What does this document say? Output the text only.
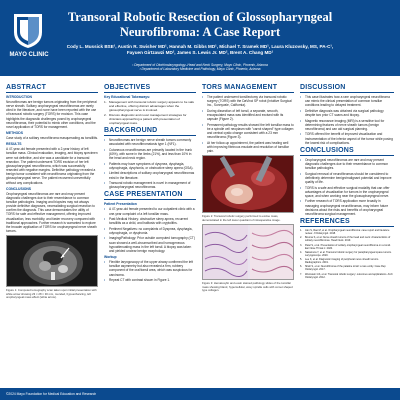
MAYO CLINIC
Transoral Robotic Resection of Glossopharyngeal Neurofibroma: A Case Report
Cody L. Mussick BSE¹, Austin R. Swisher MD¹, Hannah M. Gibbs MD¹, Michael T. Sramek MD¹, Laura Kluzovsky, MS, PA-C¹, Fayuen Girtzawzi MD², James S. Lewis Jr. MD², Brent A. Chang MD¹
¹ Department of Otorhinolaryngology–Head and Neck Surgery, Mayo Clinic, Phoenix, Arizona
² Department of Laboratory Medicine and Pathology, Mayo Clinic, Phoenix, Arizona
ABSTRACT
INTRODUCTION
Neurofibromas are benign tumors originating from the peripheral nerve sheath. Solitary oropharyngeal neurofibromas are rarely cited in the literature, and none have been reported with the use of transoral robotic surgery (TORS) for excision. This case highlights the diagnostic challenges posed by oropharyngeal neurofibromas, their potential to mimic other conditions, and the novel application of TORS for management.
METHODS
Case study of a solitary neurofibroma masquerading as tonsillitis.
RESULTS
A 47-year-old female presented with a 2-year history of left tonsillar mass. Clinical evaluation, imaging, and biopsy specimen were not definitive, and she was a candidate for a transoral resection. The patient underwent TORS excision of her left glossopharyngeal neurofibroma, which was successfully resected with negative margins. Definitive pathology revealed a benign tumor consistent with neurofibroma originating from the glossopharyngeal nerve. The patient recovered uneventfully without any complications.
CONCLUSIONS
Oropharyngeal neurofibromas are rare and may present diagnostic challenges due to their resemblance to common tonsillar pathologies. Imaging and biopsies may not always provide definitive diagnoses, necessitating surgical resection to confirm the diagnosis. This case demonstrates the utility of TORS for safe and effective management, offering improved visualization, less morbidity, and faster recovery compared with traditional approaches. Further research is warranted to explore the broader application of TORS for oropharyngeal nerve sheath tumors.
Figure 1: Computed tomography scan taken upon initial presentation with white arrow showing 23 × 28 × 30 mm, rounded, hypoenhancing, left oropharyngeal mass effect (white arrow).
OBJECTIVES
Key Educational Takeaways:
1. Management with transoral robotic surgery appears to be safe and effective, offering distinct advantages when the glossopharyngeal nerve is involved.
2. Discuss diagnostic and novel management strategies for clinicians approaching a patient with presentation of oropharyngeal mass.
BACKGROUND
• Neurofibromas are benign nerve sheath tumors commonly associated with neurofibromatosis type 1 (NF1).
• Cutaneous neurofibromas are primarily located in the trunk (60%), with some in the limbs (21%), and less than 10% in the head and neck region.
• Patients may have symptoms of dyspnea, dysphagia, odynophagia, dysphonia, or obstructive sleep apnea (OSA).
• Limited descriptions of solitary oropharyngeal neurofibromas exist in the literature.
• Transoral robotic management is novel in management of glossopharyngeal neurofibromas.
CASE PRESENTATION
Patient Presentation
• A 47-year-old female presented to our outpatient clinic with a one-year complaint of a left tonsillar mass.
• Past Medical History: obstructive sleep apnea, recurrent tonsillitis as a child, and halitosis with cryptoliths.
• Pertinent Negatives: no complaints of Dyspnea, dysphagia, odynophagia, or dysphonia.
• Imaging/Pathology: Prior outside computed tomography (CT) scan showed a well-circumscribed and homogeneous hypoattenuating mass in the left tonsil. A biopsy was taken and yielded unclear benign morphology.
Workup
• Flexible laryngoscopy of the upper airway confirmed the left tonsillar asymmetry but also revealed a firm, rubbery component of the oral/tonsil area, which was suspicious for carcinoma.
• Repeat CT with contrast shown in Figure 1.
TORS MANAGEMENT
• The patient underwent tonsillectomy via transoral robotic surgery (TORS) with the DaVinci SP robot (Intuitive Surgical Inc., Sunnyvale, California).
• During dissection of left tonsil, a separate, smooth, encapsulated mass was identified and excised with its capsule (Figure 2).
• Permanent pathology results showed the left tonsillar mass to be a spindle cell neoplasm with "carrot shaped" type collagen and central cystic change consistent with a 23 mm neurofibroma (Figure 3).
• At her follow-up appointment, the patient was healing well with improving fibrinous exudate and resolution of tonsillar pain.
Figure 2: Transoral robotic surgery performed to excise mass, demonstrated in the left lower quadrant of intraoperative image.
Figure 3: Hematoxylin and eosin stained pathology slides of the tonsillar mass showing bland, hypercellular, wavy spindle cells with comet shaped type collagen.
DISCUSSION
• This case illustrates how a rare oropharyngeal neurofibroma can mimic the clinical presentation of common tonsillar conditions leading to delayed treatment.
• Definitive diagnosis was obtained via surgical pathology despite two prior CT scans and biopsy.
• Magnetic resonance imaging (MRI) is a sensitive tool for determining features of nerve sheath tumors (benign neurofibroma) and can aid surgical planning.
• TORS offered the benefit of improved visualization and instrumentation of the inferior aspect of the tumor while posing the lowest risk of complications.
CONCLUSIONS
• Oropharyngeal neurofibromas are rare and may present diagnostic challenges due to their resemblance to common tonsillar pathologies.
• Surgical removal of neurofibromas should be considered to definitively determine benign/malignant potential and improve quality of life.
• TORS is a safe and effective surgical modality that can offer advantages of visualization for tumors in the oropharyngeal space, and when working near the glossopharyngeal nerve.
• Further research of TORS application more broadly in managing oropharyngeal neurofibromas, may inform future decisions about the risks and benefits of oropharyngeal neurofibroma surgical management.
REFERENCES
1. Jain S, Rao M, et al. Oropharyngeal neurofibroma: case report and literature review. J Otolaryngol. 2018.
2. Bouma S, et al. Nerve sheath tumors of the head and neck: characteristics of solitary neurofibromas. Head Neck. 2019.
3. Patel S, et al. Presentation of solitary oropharyngeal neurofibroma on a tonsil. Ear Nose Throat J. 2020.
4. Nakamura Y, et al. Transoral robotic surgery for parapharyngeal space tumors. Laryngoscope. 2020.
5. Lee K, et al. Diagnostic imaging of peripheral nerve sheath tumors. Radiographics. 2019.
6. Shah S, et al. Neurofibroma of the palatine tonsil: a rare entity. Case Rep Otolaryngol. 2017.
7. Weinstein GS, et al. Transoral robotic surgery: outcomes and applications. Arch Otolaryngol. 2012.
©2024 Mayo Foundation for Medical Education and Research
